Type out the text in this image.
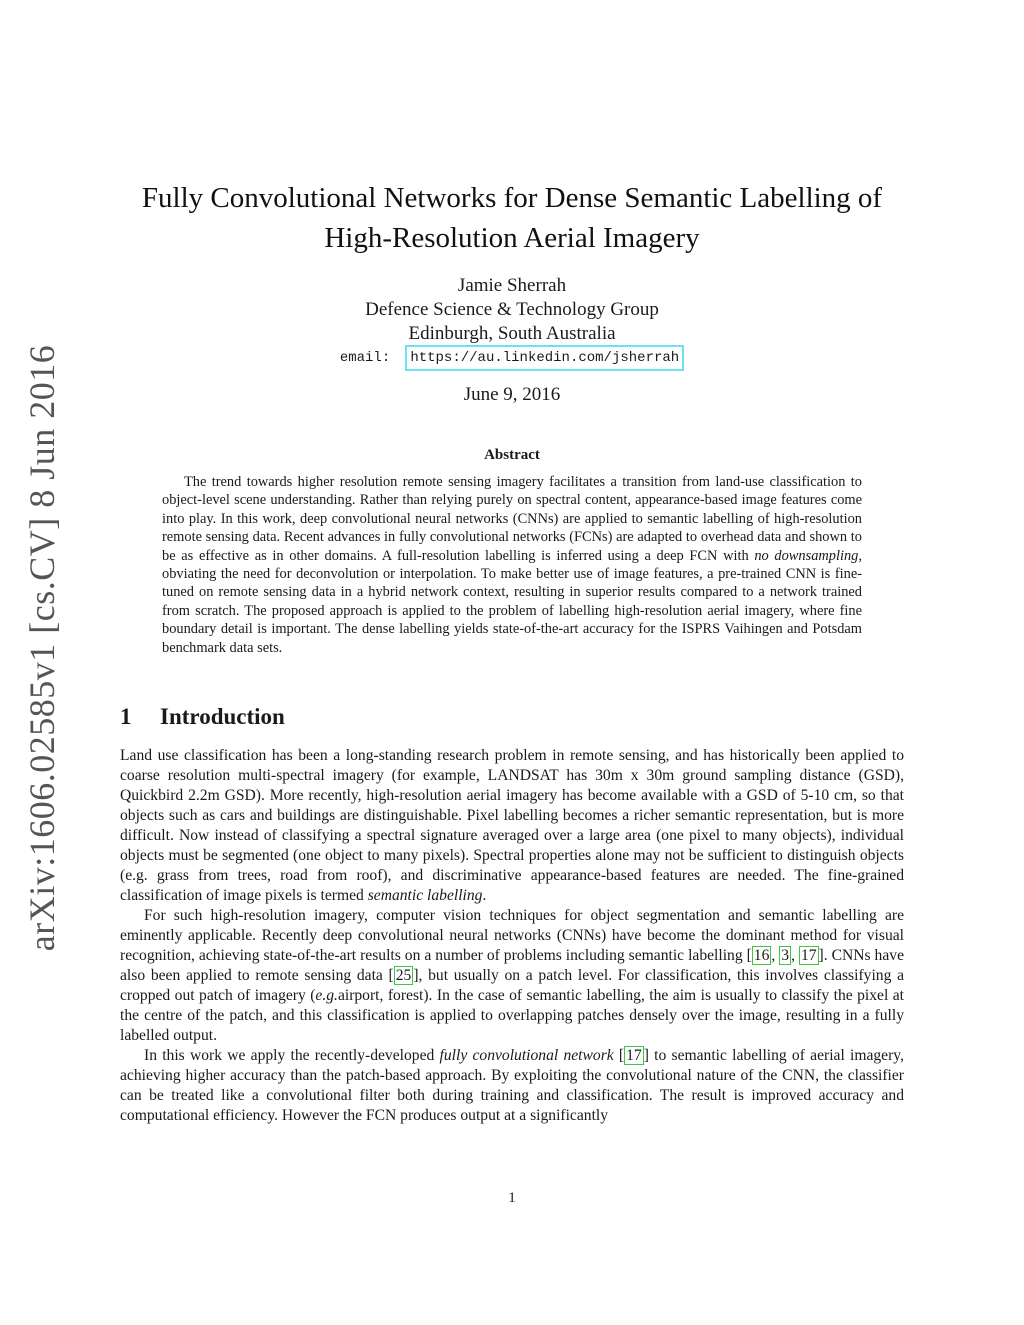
arXiv:1606.02585v1 [cs.CV] 8 Jun 2016
Fully Convolutional Networks for Dense Semantic Labelling of
High-Resolution Aerial Imagery
Jamie Sherrah
Defence Science & Technology Group
Edinburgh, South Australia
email: https://au.linkedin.com/jsherrah
June 9, 2016
Abstract
The trend towards higher resolution remote sensing imagery facilitates a transition from land-use classification to object-level scene understanding. Rather than relying purely on spectral content, appearance-based image features come into play. In this work, deep convolutional neural networks (CNNs) are applied to semantic labelling of high-resolution remote sensing data. Recent advances in fully convolutional networks (FCNs) are adapted to overhead data and shown to be as effective as in other domains. A full-resolution labelling is inferred using a deep FCN with no downsampling, obviating the need for deconvolution or interpolation. To make better use of image features, a pre-trained CNN is fine-tuned on remote sensing data in a hybrid network context, resulting in superior results compared to a network trained from scratch. The proposed approach is applied to the problem of labelling high-resolution aerial imagery, where fine boundary detail is important. The dense labelling yields state-of-the-art accuracy for the ISPRS Vaihingen and Potsdam benchmark data sets.
1 Introduction

Land use classification has been a long-standing research problem in remote sensing, and has historically been applied to coarse resolution multi-spectral imagery (for example, LANDSAT has 30m x 30m ground sampling distance (GSD), Quickbird 2.2m GSD). More recently, high-resolution aerial imagery has become available with a GSD of 5-10 cm, so that objects such as cars and buildings are distinguishable. Pixel labelling becomes a richer semantic representation, but is more difficult. Now instead of classifying a spectral signature averaged over a large area (one pixel to many objects), individual objects must be segmented (one object to many pixels). Spectral properties alone may not be sufficient to distinguish objects (e.g. grass from trees, road from roof), and discriminative appearance-based features are needed. The fine-grained classification of image pixels is termed semantic labelling.

For such high-resolution imagery, computer vision techniques for object segmentation and semantic labelling are eminently applicable. Recently deep convolutional neural networks (CNNs) have become the dominant method for visual recognition, achieving state-of-the-art results on a number of problems including semantic labelling [ 16 , 3 , 17 ]. CNNs have also been applied to remote sensing data [ 25 ], but usually on a patch level. For classification, this involves classifying a cropped out patch of imagery (e.g.airport, forest). In the case of semantic labelling, the aim is usually to classify the pixel at the centre of the patch, and this classification is applied to overlapping patches densely over the image, resulting in a fully labelled output.

In this work we apply the recently-developed fully convolutional network [ 17 ] to semantic labelling of aerial imagery, achieving higher accuracy than the patch-based approach. By exploiting the convolutional nature of the CNN, the classifier can be treated like a convolutional filter both during training and classification. The result is improved accuracy and computational efficiency. However the FCN produces output at a significantly

1
